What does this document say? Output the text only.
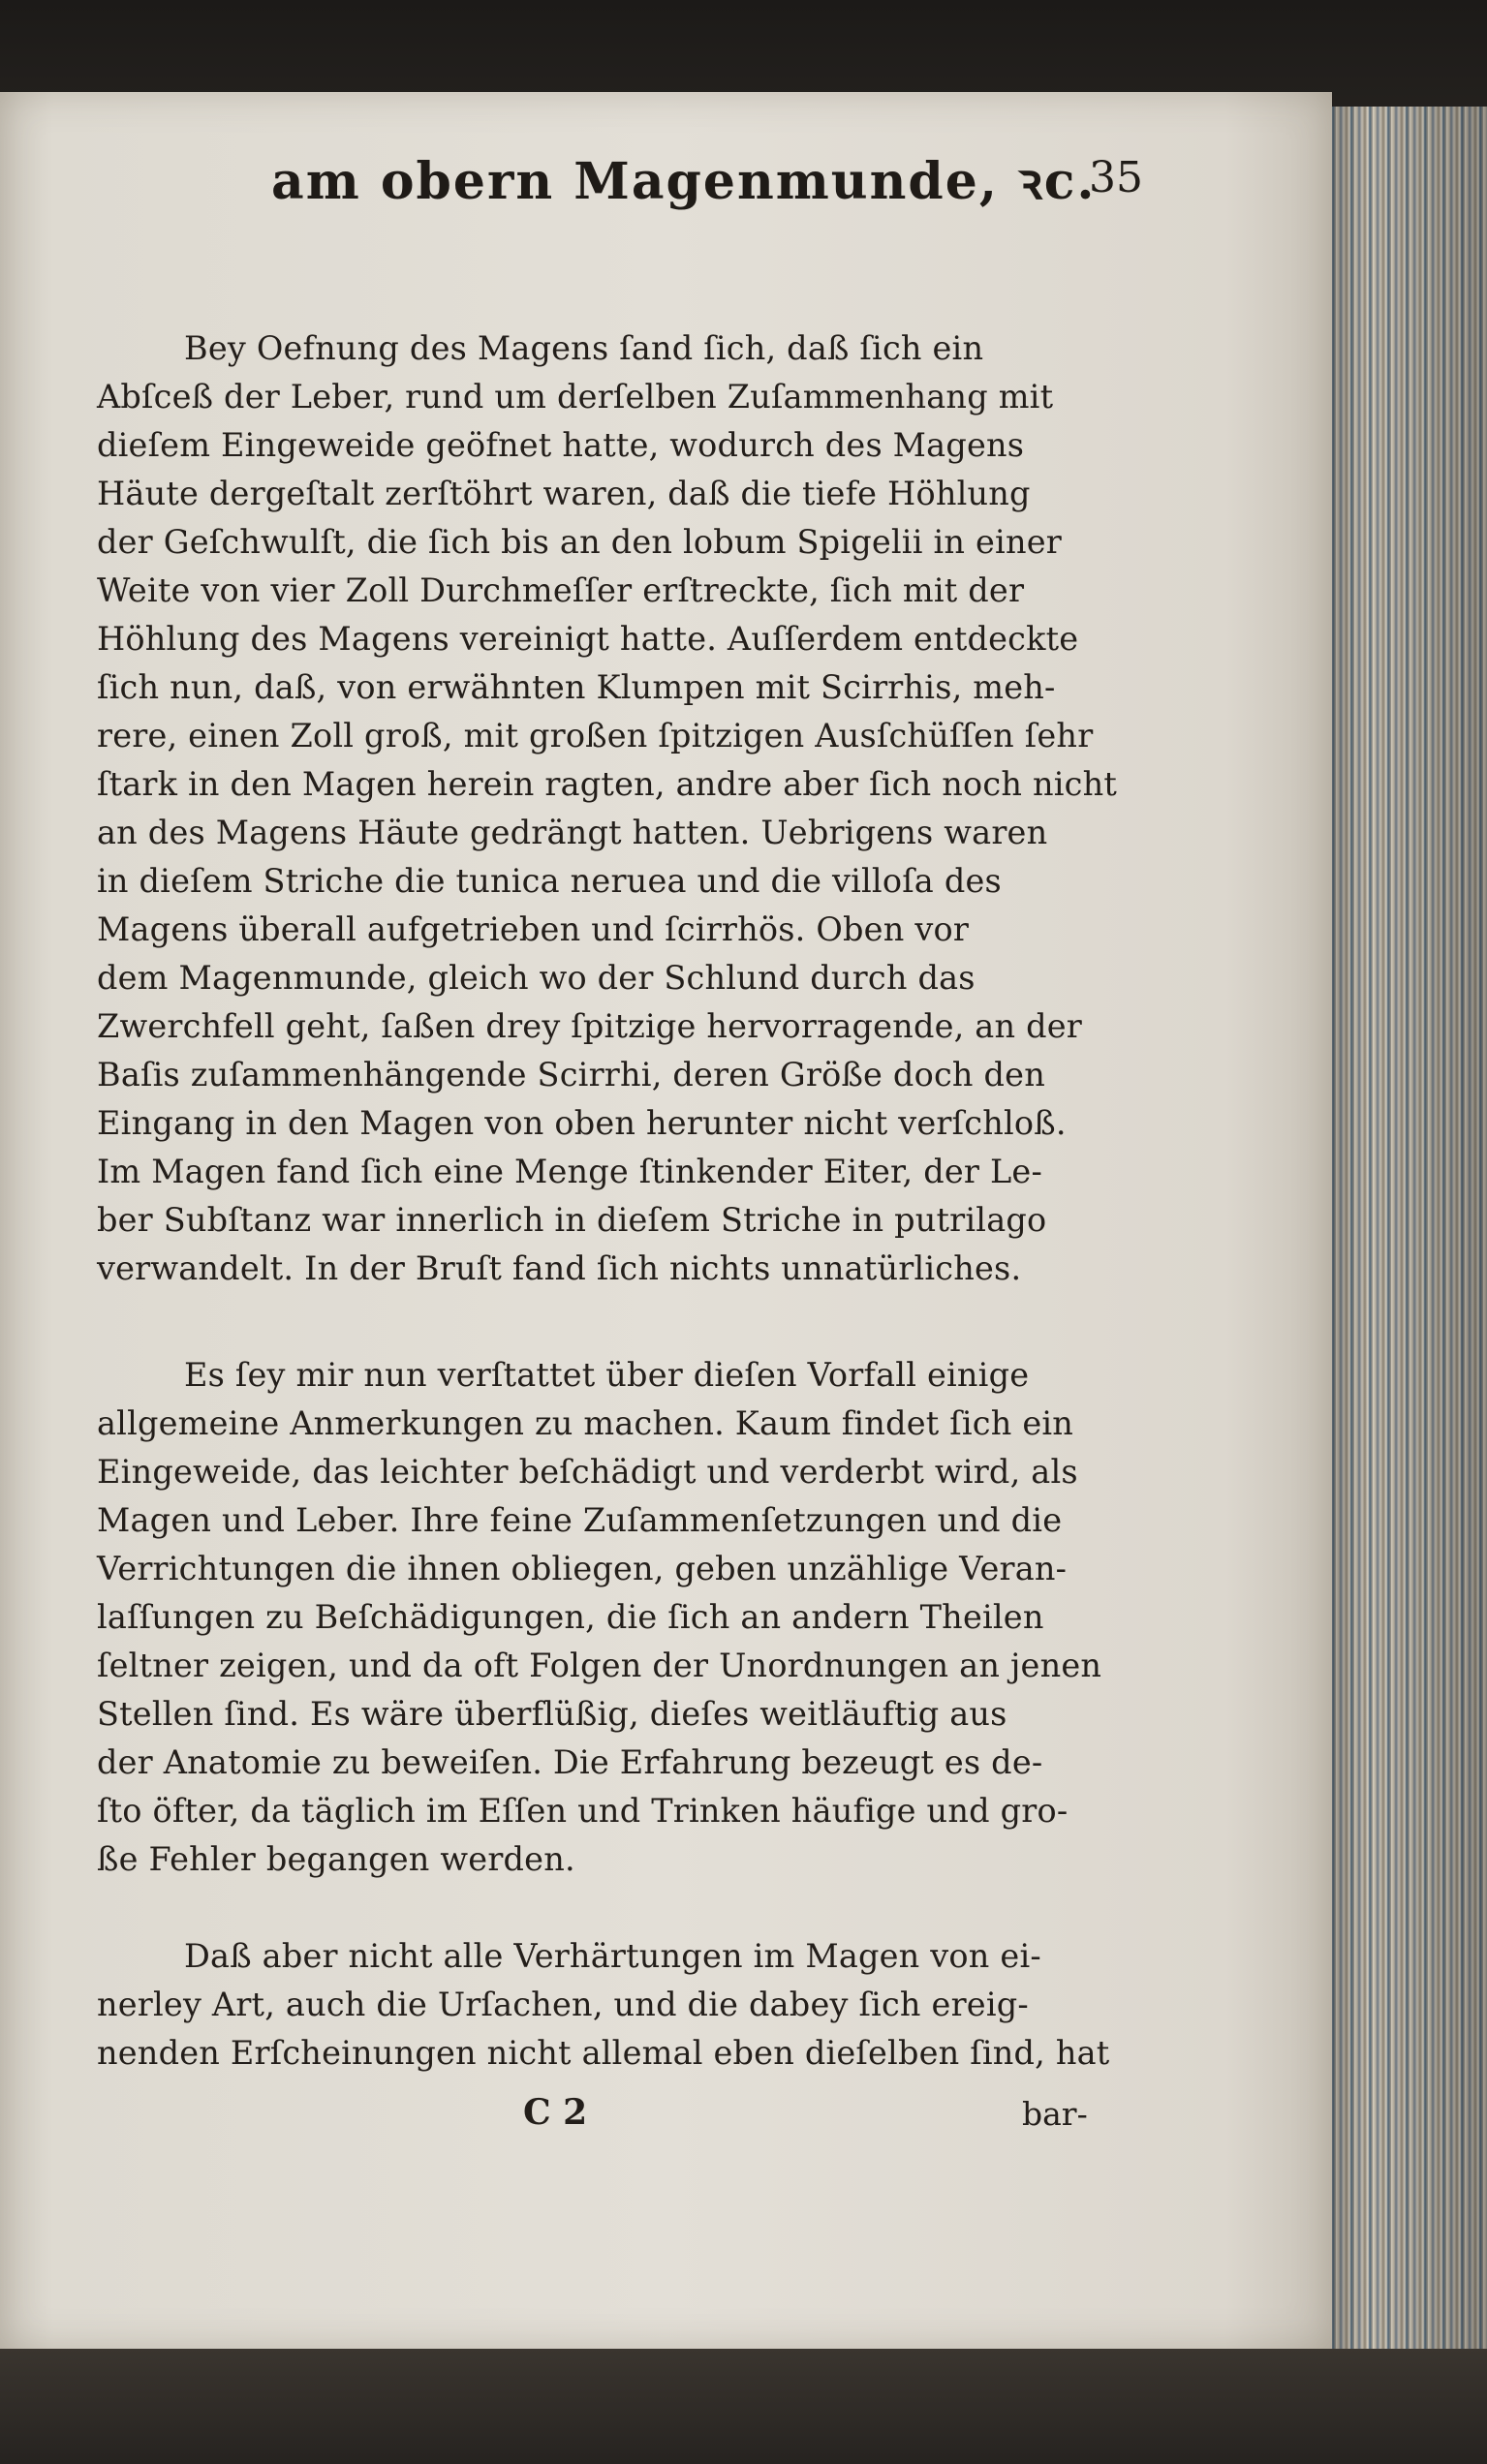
am obern Magenmunde, ꝛc.
35
Bey Oefnung des Magens ſand ſich, daß ſich ein
Abſceß der Leber, rund um derſelben Zuſammenhang mit
dieſem Eingeweide geöfnet hatte, wodurch des Magens
Häute dergeſtalt zerſtöhrt waren, daß die tiefe Höhlung
der Geſchwulſt, die ſich bis an den lobum Spigelii in einer
Weite von vier Zoll Durchmeſſer erſtreckte, ſich mit der
Höhlung des Magens vereinigt hatte. Auſſerdem entdeckte
ſich nun, daß, von erwähnten Klumpen mit Scirrhis, meh-
rere, einen Zoll groß, mit großen ſpitzigen Ausſchüſſen ſehr
ſtark in den Magen herein ragten, andre aber ſich noch nicht
an des Magens Häute gedrängt hatten. Uebrigens waren
in dieſem Striche die tunica neruea und die villoſa des
Magens überall aufgetrieben und ſcirrhös. Oben vor
dem Magenmunde, gleich wo der Schlund durch das
Zwerchfell geht, ſaßen drey ſpitzige hervorragende, an der
Baſis zuſammenhängende Scirrhi, deren Größe doch den
Eingang in den Magen von oben herunter nicht verſchloß.
Im Magen fand ſich eine Menge ſtinkender Eiter, der Le-
ber Subſtanz war innerlich in dieſem Striche in putrilago
verwandelt. In der Bruſt fand ſich nichts unnatürliches.
Es ſey mir nun verſtattet über dieſen Vorfall einige
allgemeine Anmerkungen zu machen. Kaum findet ſich ein
Eingeweide, das leichter beſchädigt und verderbt wird, als
Magen und Leber. Ihre feine Zuſammenſetzungen und die
Verrichtungen die ihnen obliegen, geben unzählige Veran-
laſſungen zu Beſchädigungen, die ſich an andern Theilen
ſeltner zeigen, und da oft Folgen der Unordnungen an jenen
Stellen ſind. Es wäre überflüßig, dieſes weitläuftig aus
der Anatomie zu beweiſen. Die Erfahrung bezeugt es de-
ſto öfter, da täglich im Eſſen und Trinken häufige und gro-
ße Fehler begangen werden.
Daß aber nicht alle Verhärtungen im Magen von ei-
nerley Art, auch die Urſachen, und die dabey ſich ereig-
nenden Erſcheinungen nicht allemal eben dieſelben ſind, hat
C 2	bar-
